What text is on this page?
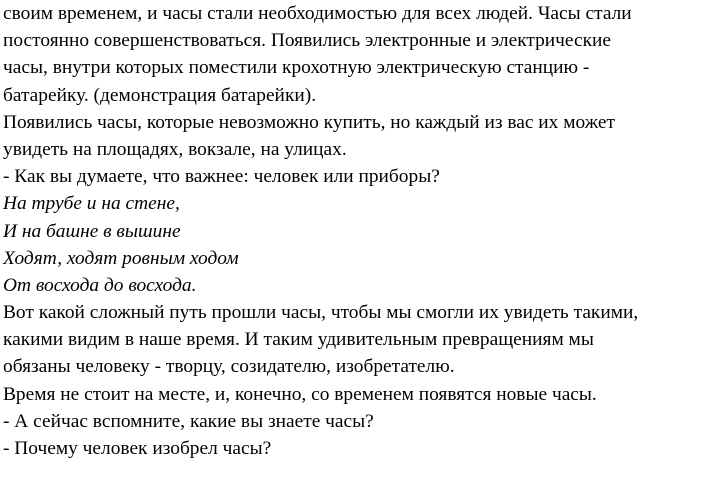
своим временем, и часы стали необходимостью для всех людей. Часы стали
постоянно совершенствоваться. Появились электронные и электрические
часы, внутри которых поместили крохотную электрическую станцию -
батарейку. (демонстрация батарейки).
Появились часы, которые невозможно купить, но каждый из вас их может
увидеть на площадях, вокзале, на улицах.
- Как вы думаете, что важнее: человек или приборы?
На трубе и на стене,
И на башне в вышине
Ходят, ходят ровным ходом
От восхода до восхода.
Вот какой сложный путь прошли часы, чтобы мы смогли их увидеть такими,
какими видим в наше время. И таким удивительным превращениям мы
обязаны человеку - творцу, созидателю, изобретателю.
Время не стоит на месте, и, конечно, со временем появятся новые часы.
- А сейчас вспомните, какие вы знаете часы?
- Почему человек изобрел часы?
